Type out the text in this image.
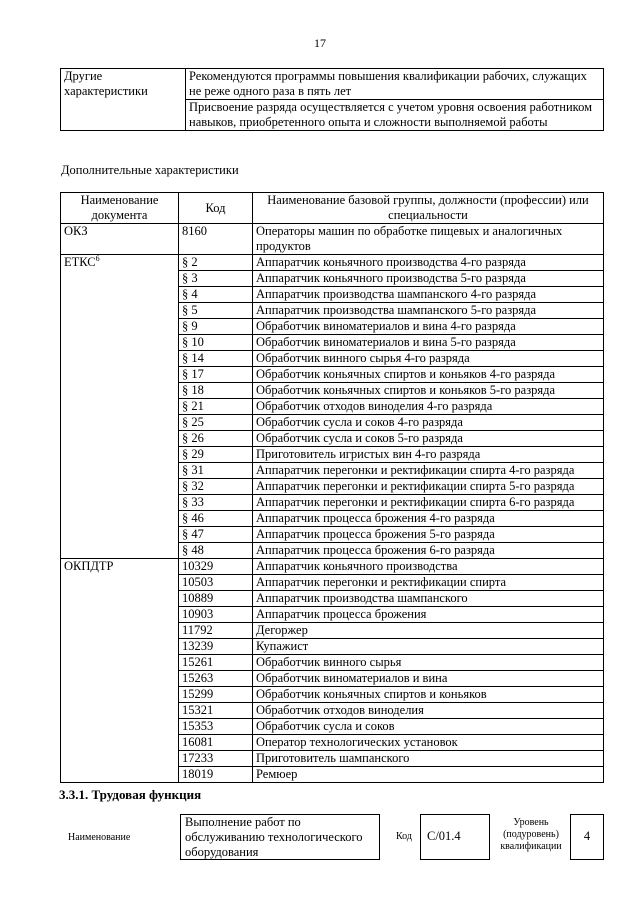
17
Другие
характеристики	Рекомендуются программы повышения квалификации рабочих, служащих не реже одного раза в пять лет
Присвоение разряда осуществляется с учетом уровня освоения работником навыков, приобретенного опыта и сложности выполняемой работы
Дополнительные характеристики
Наименование документа	Код	Наименование базовой группы, должности (профессии) или специальности
ОКЗ	8160	Операторы машин по обработке пищевых и аналогичных продуктов
ЕТКС$^6$	§ 2	Аппаратчик коньячного производства 4-го разряда
	§ 3	Аппаратчик коньячного производства 5-го разряда
	§ 4	Аппаратчик производства шампанского 4-го разряда
	§ 5	Аппаратчик производства шампанского 5-го разряда
	§ 9	Обработчик виноматериалов и вина 4-го разряда
	§ 10	Обработчик виноматериалов и вина 5-го разряда
	§ 14	Обработчик винного сырья 4-го разряда
	§ 17	Обработчик коньячных спиртов и коньяков 4-го разряда
	§ 18	Обработчик коньячных спиртов и коньяков 5-го разряда
	§ 21	Обработчик отходов виноделия 4-го разряда
	§ 25	Обработчик сусла и соков 4-го разряда
	§ 26	Обработчик сусла и соков 5-го разряда
	§ 29	Приготовитель игристых вин 4-го разряда
	§ 31	Аппаратчик перегонки и ректификации спирта 4-го разряда
	§ 32	Аппаратчик перегонки и ректификации спирта 5-го разряда
	§ 33	Аппаратчик перегонки и ректификации спирта 6-го разряда
	§ 46	Аппаратчик процесса брожения 4-го разряда
	§ 47	Аппаратчик процесса брожения 5-го разряда
	§ 48	Аппаратчик процесса брожения 6-го разряда
ОКПДТР	10329	Аппаратчик коньячного производства
	10503	Аппаратчик перегонки и ректификации спирта
	10889	Аппаратчик производства шампанского
	10903	Аппаратчик процесса брожения
	11792	Дегоржер
	13239	Купажист
	15261	Обработчик винного сырья
	15263	Обработчик виноматериалов и вина
	15299	Обработчик коньячных спиртов и коньяков
	15321	Обработчик отходов виноделия
	15353	Обработчик сусла и соков
	16081	Оператор технологических установок
	17233	Приготовитель шампанского
	18019	Ремюер
3.3.1. Трудовая функция
Наименование
Выполнение работ по обслуживанию технологического оборудования
Код	C/01.4
Уровень
(подуровень)
квалификации
4
